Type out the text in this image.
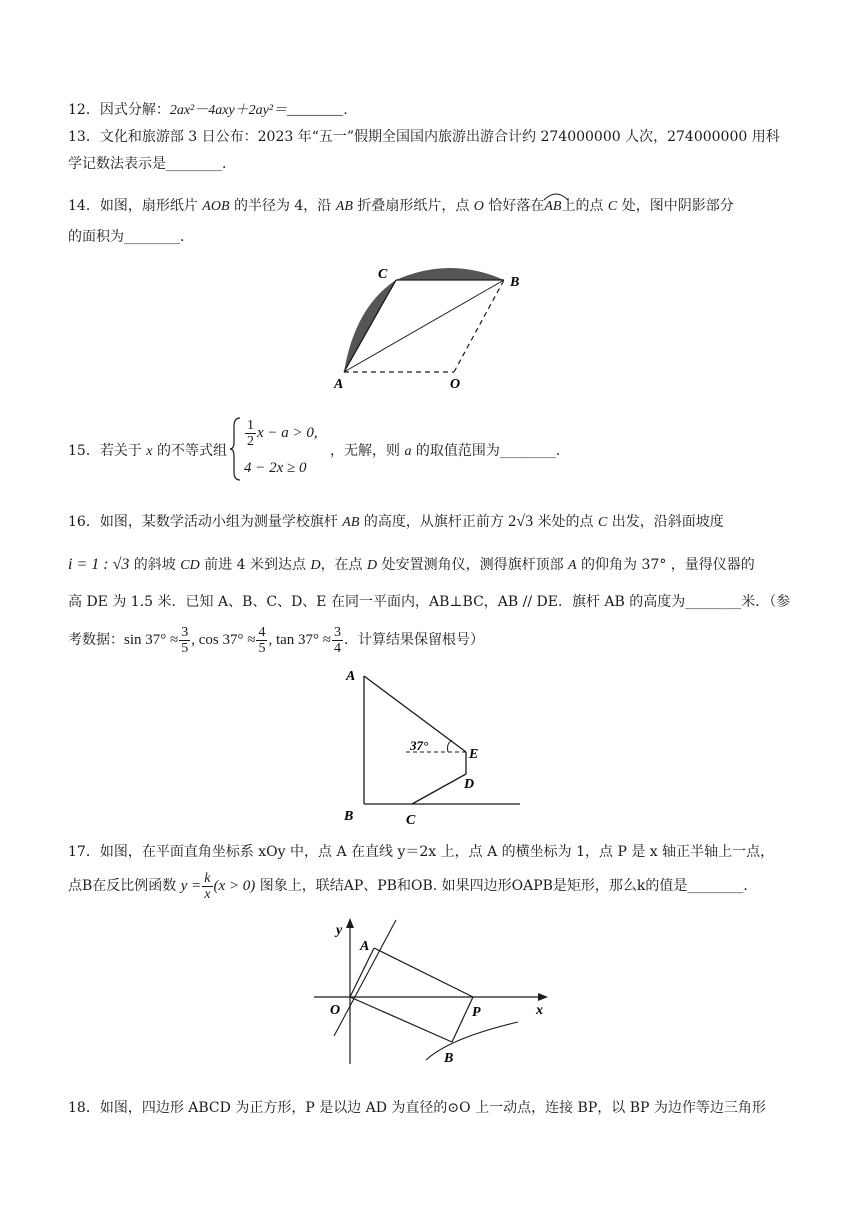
12．因式分解：2ax²－4axy＋2ay²＝________．
13．文化和旅游部 3 日公布：2023 年“五一”假期全国国内旅游出游合计约 274000000 人次，274000000 用科
学记数法表示是________．
14．如图，扇形纸片 AOB 的半径为 4，沿 AB 折叠扇形纸片，点 O 恰好落在
AB上的点 C 处，图中阴影部分
的面积为________．
C
B
A	O
15．若关于 x 的不等式组
$\frac{1}{2}$ x − a > 0,
4 − 2x ≥ 0
，无解，则 a 的取值范围为________．
16．如图，某数学活动小组为测量学校旗杆 AB 的高度，从旗杆正前方 2√3 米处的点 C 出发，沿斜面坡度
i = 1 : √3 的斜坡 CD 前进 4 米到达点 D，在点 D 处安置测角仪，测得旗杆顶部 A 的仰角为 37° ，量得仪器的
高 DE 为 1.5 米．已知 A、B、C、D、E 在同一平面内，AB⊥BC，AB // DE．旗杆 AB 的高度为________米．（参
考数据：$\sin 37^\circ \approx \frac{3}{5}$ , $\cos 37^\circ \approx \frac{4}{5}$ , $\tan 37^\circ \approx \frac{3}{4}$ ．计算结果保留根号）
A
E
D
B	C
37°
17．如图，在平面直角坐标系 xOy 中，点 A 在直线 y＝2x 上，点 A 的横坐标为 1，点 P 是 x 轴正半轴上一点，
点B在反比例函数 $y = \frac{k}{x} (x > 0)$ 图象上，联结AP、PB和OB. 如果四边形OAPB是矩形，那么k的值是________．
y
A
O	P	x
B
18．如图，四边形 ABCD 为正方形，P 是以边 AD 为直径的⊙O 上一动点，连接 BP，以 BP 为边作等边三角形
